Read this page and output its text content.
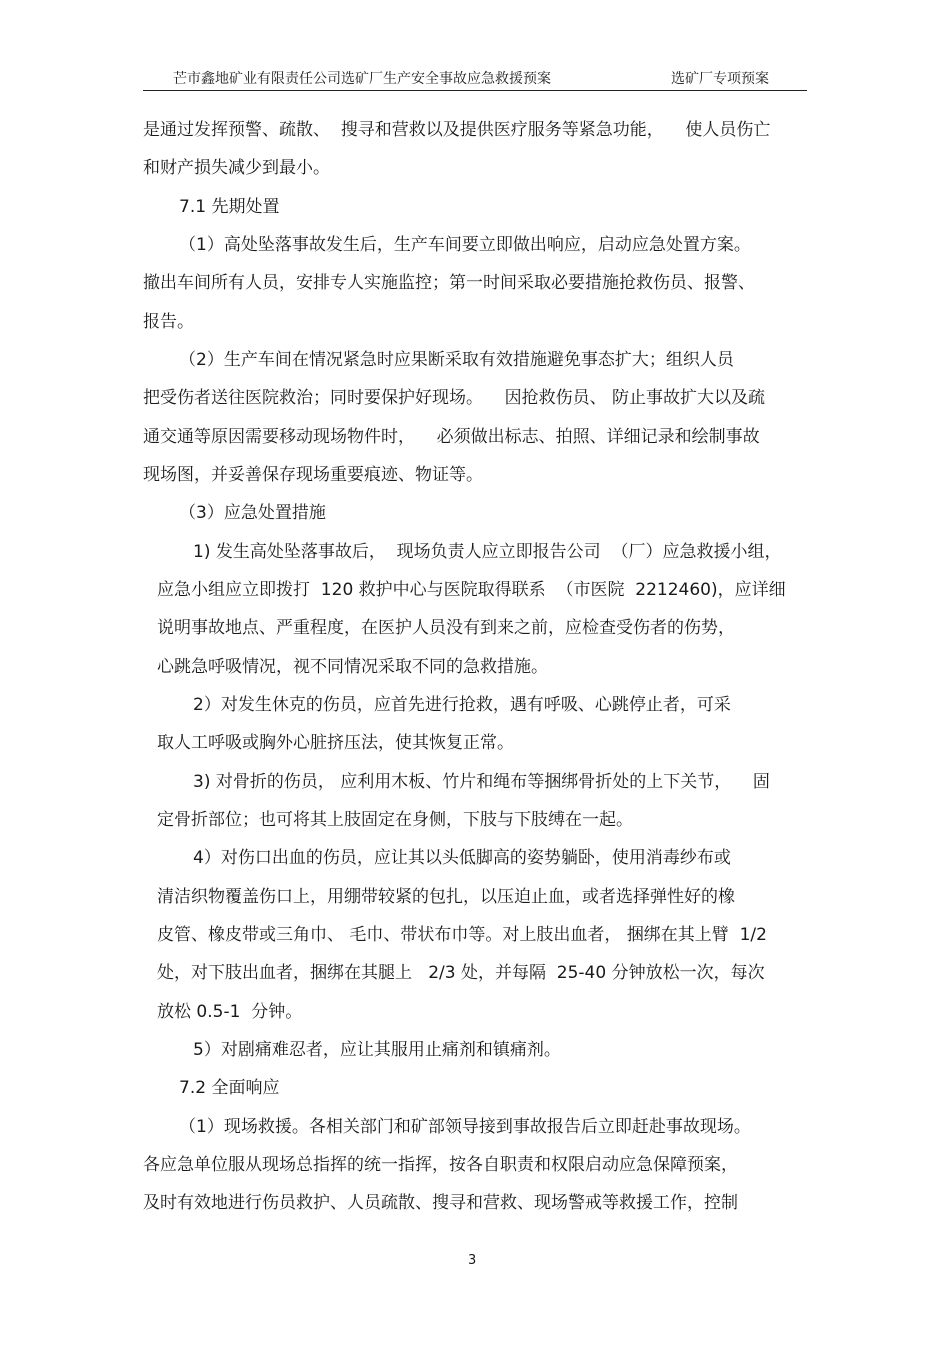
芒市鑫地矿业有限责任公司选矿厂生产安全事故应急救援预案	选矿厂专项预案
是通过发挥预警、疏散、  搜寻和营救以及提供医疗服务等紧急功能，    使人员伤亡
和财产损失减少到最小。
7.1 先期处置
（1）高处坠落事故发生后，生产车间要立即做出响应，启动应急处置方案。
撤出车间所有人员，安排专人实施监控；第一时间采取必要措施抢救伤员、报警、
报告。
（2）生产车间在情况紧急时应果断采取有效措施避免事态扩大；组织人员
把受伤者送往医院救治；同时要保护好现场。    因抢救伤员、 防止事故扩大以及疏
通交通等原因需要移动现场物件时，    必须做出标志、拍照、详细记录和绘制事故
现场图，并妥善保存现场重要痕迹、物证等。
（3）应急处置措施
1) 发生高处坠落事故后，  现场负责人应立即报告公司  （厂）应急救援小组，
应急小组应立即拨打  120 救护中心与医院取得联系  （市医院  2212460)，应详细
说明事故地点、严重程度，在医护人员没有到来之前，应检查受伤者的伤势，
心跳急呼吸情况，视不同情况采取不同的急救措施。
2）对发生休克的伤员，应首先进行抢救，遇有呼吸、心跳停止者，可采
取人工呼吸或胸外心脏挤压法，使其恢复正常。
3) 对骨折的伤员， 应利用木板、竹片和绳布等捆绑骨折处的上下关节，    固
定骨折部位；也可将其上肢固定在身侧，下肢与下肢缚在一起。
4）对伤口出血的伤员，应让其以头低脚高的姿势躺卧，使用消毒纱布或
清洁织物覆盖伤口上，用绷带较紧的包扎，以压迫止血，或者选择弹性好的橡
皮管、橡皮带或三角巾、 毛巾、带状布巾等。对上肢出血者， 捆绑在其上臂  1/2
处，对下肢出血者，捆绑在其腿上   2/3 处，并每隔  25-40 分钟放松一次，每次
放松 0.5-1  分钟。
5）对剧痛难忍者，应让其服用止痛剂和镇痛剂。
7.2 全面响应
（1）现场救援。各相关部门和矿部领导接到事故报告后立即赶赴事故现场。
各应急单位服从现场总指挥的统一指挥，按各自职责和权限启动应急保障预案，
及时有效地进行伤员救护、人员疏散、搜寻和营救、现场警戒等救援工作，控制
3
